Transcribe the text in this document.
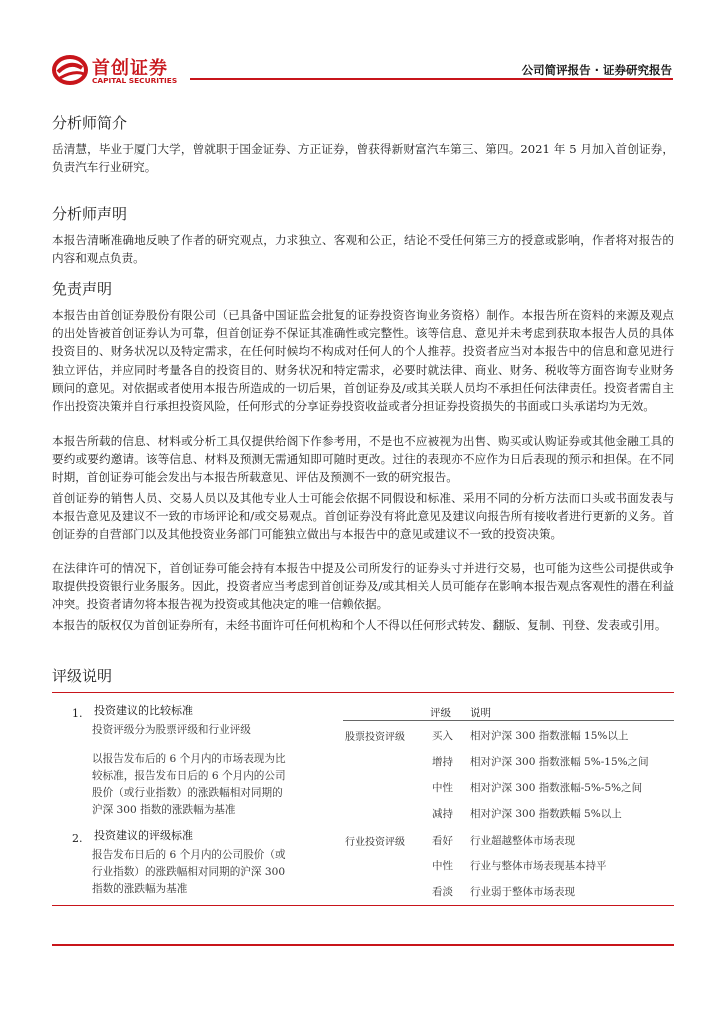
首创证券
CAPITAL SECURITIES
公司简评报告 · 证券研究报告
分析师简介
岳清慧，毕业于厦门大学，曾就职于国金证券、方正证券，曾获得新财富汽车第三、第四。2021 年 5 月加入首创证券，负责汽车行业研究。
分析师声明
本报告清晰准确地反映了作者的研究观点，力求独立、客观和公正，结论不受任何第三方的授意或影响，作者将对报告的内容和观点负责。
免责声明
本报告由首创证券股份有限公司（已具备中国证监会批复的证券投资咨询业务资格）制作。本报告所在资料的来源及观点的出处皆被首创证券认为可靠，但首创证券不保证其准确性或完整性。该等信息、意见并未考虑到获取本报告人员的具体投资目的、财务状况以及特定需求，在任何时候均不构成对任何人的个人推荐。投资者应当对本报告中的信息和意见进行独立评估，并应同时考量各自的投资目的、财务状况和特定需求，必要时就法律、商业、财务、税收等方面咨询专业财务顾问的意见。对依据或者使用本报告所造成的一切后果，首创证券及/或其关联人员均不承担任何法律责任。投资者需自主作出投资决策并自行承担投资风险，任何形式的分享证券投资收益或者分担证券投资损失的书面或口头承诺均为无效。
本报告所载的信息、材料或分析工具仅提供给阁下作参考用，不是也不应被视为出售、购买或认购证券或其他金融工具的要约或要约邀请。该等信息、材料及预测无需通知即可随时更改。过往的表现亦不应作为日后表现的预示和担保。在不同时期，首创证券可能会发出与本报告所载意见、评估及预测不一致的研究报告。
首创证券的销售人员、交易人员以及其他专业人士可能会依据不同假设和标准、采用不同的分析方法而口头或书面发表与本报告意见及建议不一致的市场评论和/或交易观点。首创证券没有将此意见及建议向报告所有接收者进行更新的义务。首创证券的自营部门以及其他投资业务部门可能独立做出与本报告中的意见或建议不一致的投资决策。
在法律许可的情况下，首创证券可能会持有本报告中提及公司所发行的证券头寸并进行交易，也可能为这些公司提供或争取提供投资银行业务服务。因此，投资者应当考虑到首创证券及/或其相关人员可能存在影响本报告观点客观性的潜在利益冲突。投资者请勿将本报告视为投资或其他决定的唯一信赖依据。
本报告的版权仅为首创证券所有，未经书面许可任何机构和个人不得以任何形式转发、翻版、复制、刊登、发表或引用。
评级说明
1. 投资建议的比较标准
投资评级分为股票评级和行业评级
以报告发布后的 6 个月内的市场表现为比
较标准，报告发布日后的 6 个月内的公司
股价（或行业指数）的涨跌幅相对同期的
沪深 300 指数的涨跌幅为基准
2. 投资建议的评级标准
报告发布日后的 6 个月内的公司股价（或
行业指数）的涨跌幅相对同期的沪深 300
指数的涨跌幅为基准
评级 说明
股票投资评级	买入 相对沪深 300 指数涨幅 15%以上
增持 相对沪深 300 指数涨幅 5%-15%之间
中性 相对沪深 300 指数涨幅-5%-5%之间
减持 相对沪深 300 指数跌幅 5%以上
行业投资评级	看好 行业超越整体市场表现
中性 行业与整体市场表现基本持平
看淡 行业弱于整体市场表现
